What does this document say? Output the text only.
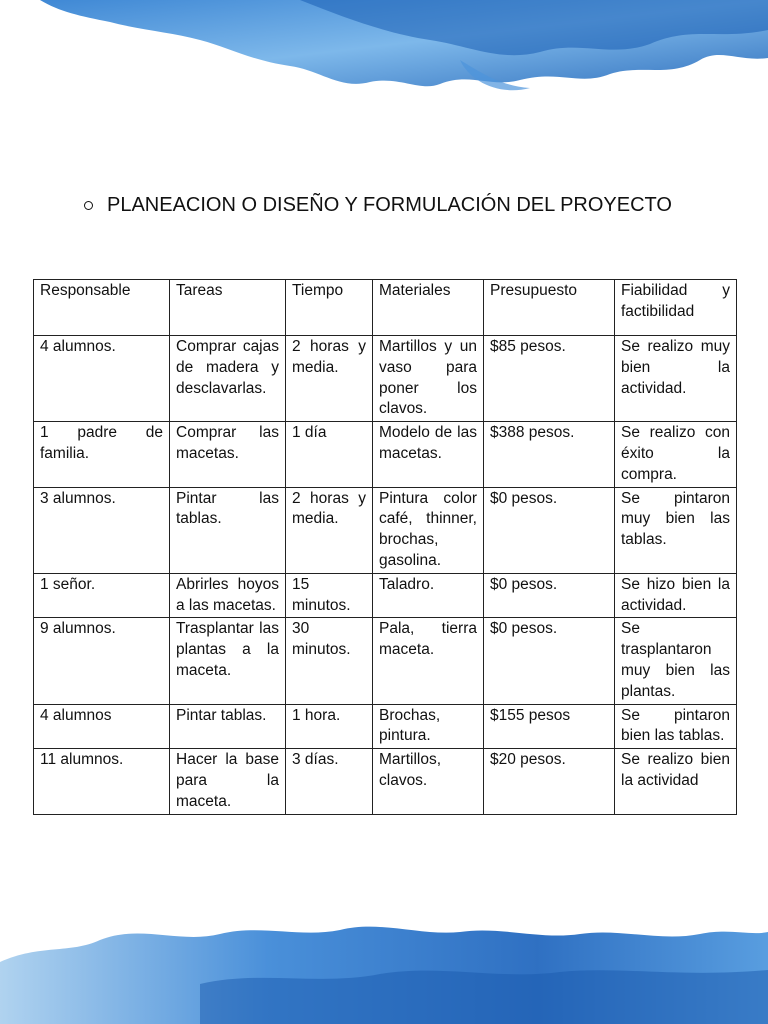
PLANEACION O DISEÑO Y FORMULACIÓN DEL PROYECTO
Responsable	Tareas	Tiempo	Materiales	Presupuesto	Fiabilidad y factibilidad
4 alumnos.	Comprar cajas de madera y desclavarlas.	2 horas y media.	Martillos y un vaso para poner los clavos.	$85 pesos.	Se realizo muy bien la actividad.
1 padre de familia.	Comprar las macetas.	1 día	Modelo de las macetas.	$388 pesos.	Se realizo con éxito la compra.
3 alumnos.	Pintar las tablas.	2 horas y media.	Pintura color café, thinner, brochas, gasolina.	$0 pesos.	Se pintaron muy bien las tablas.
1 señor.	Abrirles hoyos a las macetas.	15 minutos.	Taladro.	$0 pesos.	Se hizo bien la actividad.
9 alumnos.	Trasplantar las plantas a la maceta.	30 minutos.	Pala, tierra maceta.	$0 pesos.	Se trasplantaron muy bien las plantas.
4 alumnos	Pintar tablas.	1 hora.	Brochas, pintura.	$155 pesos	Se pintaron bien las tablas.
11 alumnos.	Hacer la base para la maceta.	3 días.	Martillos, clavos.	$20 pesos.	Se realizo bien la actividad
